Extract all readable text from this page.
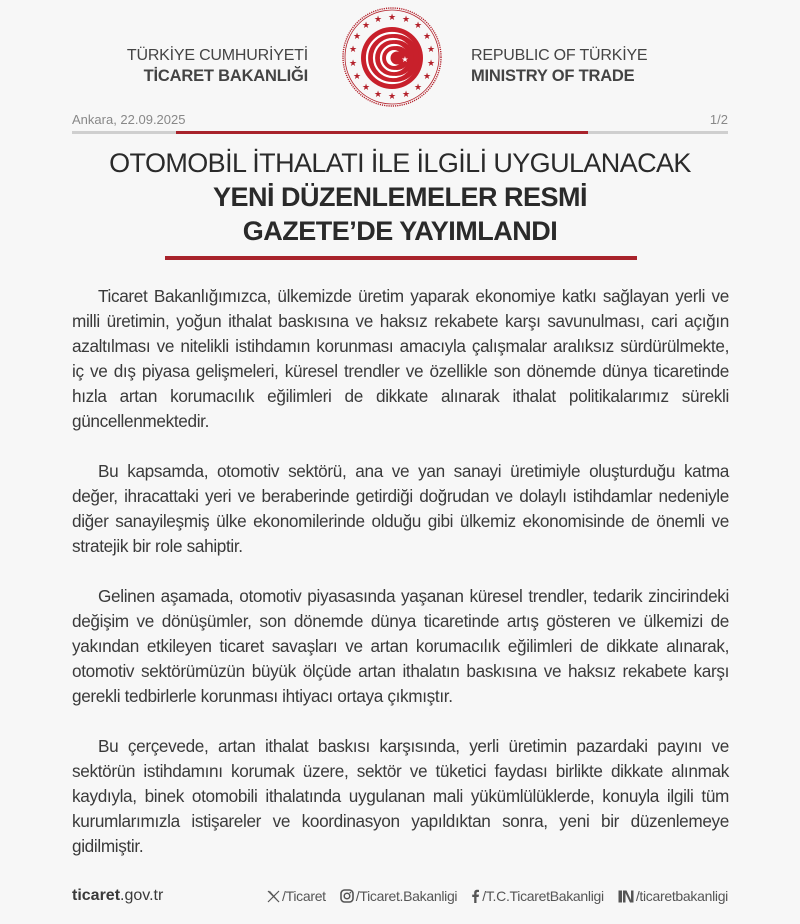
TÜRKİYE CUMHURİYETİ
TİCARET BAKANLIĞI
★ ★
★
★
★
★
★
★
★
★
★
★
★
★
★
★
★
★
★	REPUBLIC OF TÜRKİYE
MINISTRY OF TRADE
Ankara, 22.09.2025	1/2
OTOMOBİL İTHALATI İLE İLGİLİ UYGULANACAK
YENİ DÜZENLEMELER RESMİ
GAZETE’DE YAYIMLANDI

Ticaret Bakanlığımızca, ülkemizde üretim yaparak ekonomiye katkı sağlayan yerli ve milli üretimin, yoğun ithalat baskısına ve haksız rekabete karşı savunulması, cari açığın azaltılması ve nitelikli istihdamın korunması amacıyla çalışmalar aralıksız sürdürülmekte, iç ve dış piyasa gelişmeleri, küresel trendler ve özellikle son dönemde dünya ticaretinde hızla artan korumacılık eğilimleri de dikkate alınarak ithalat politikalarımız sürekli güncellenmektedir.

Bu kapsamda, otomotiv sektörü, ana ve yan sanayi üretimiyle oluşturduğu katma değer, ihracattaki yeri ve beraberinde getirdiği doğrudan ve dolaylı istihdamlar nedeniyle diğer sanayileşmiş ülke ekonomilerinde olduğu gibi ülkemiz ekonomisinde de önemli ve stratejik bir role sahiptir.

Gelinen aşamada, otomotiv piyasasında yaşanan küresel trendler, tedarik zincirindeki değişim ve dönüşümler, son dönemde dünya ticaretinde artış gösteren ve ülkemizi de yakından etkileyen ticaret savaşları ve artan korumacılık eğilimleri de dikkate alınarak, otomotiv sektörümüzün büyük ölçüde artan ithalatın baskısına ve haksız rekabete karşı gerekli tedbirlerle korunması ihtiyacı ortaya çıkmıştır.

Bu çerçevede, artan ithalat baskısı karşısında, yerli üretimin pazardaki payını ve sektörün istihdamını korumak üzere, sektör ve tüketici faydası birlikte dikkate alınmak kaydıyla, binek otomobili ithalatında uygulanan mali yükümlülüklerde, konuyla ilgili tüm kurumlarımızla istişareler ve koordinasyon yapıldıktan sonra, yeni bir düzenlemeye gidilmiştir.

ticaret.gov.tr	/Ticaret /Ticaret.Bakanligi /T.C.TicaretBakanligi /ticaretbakanligi
